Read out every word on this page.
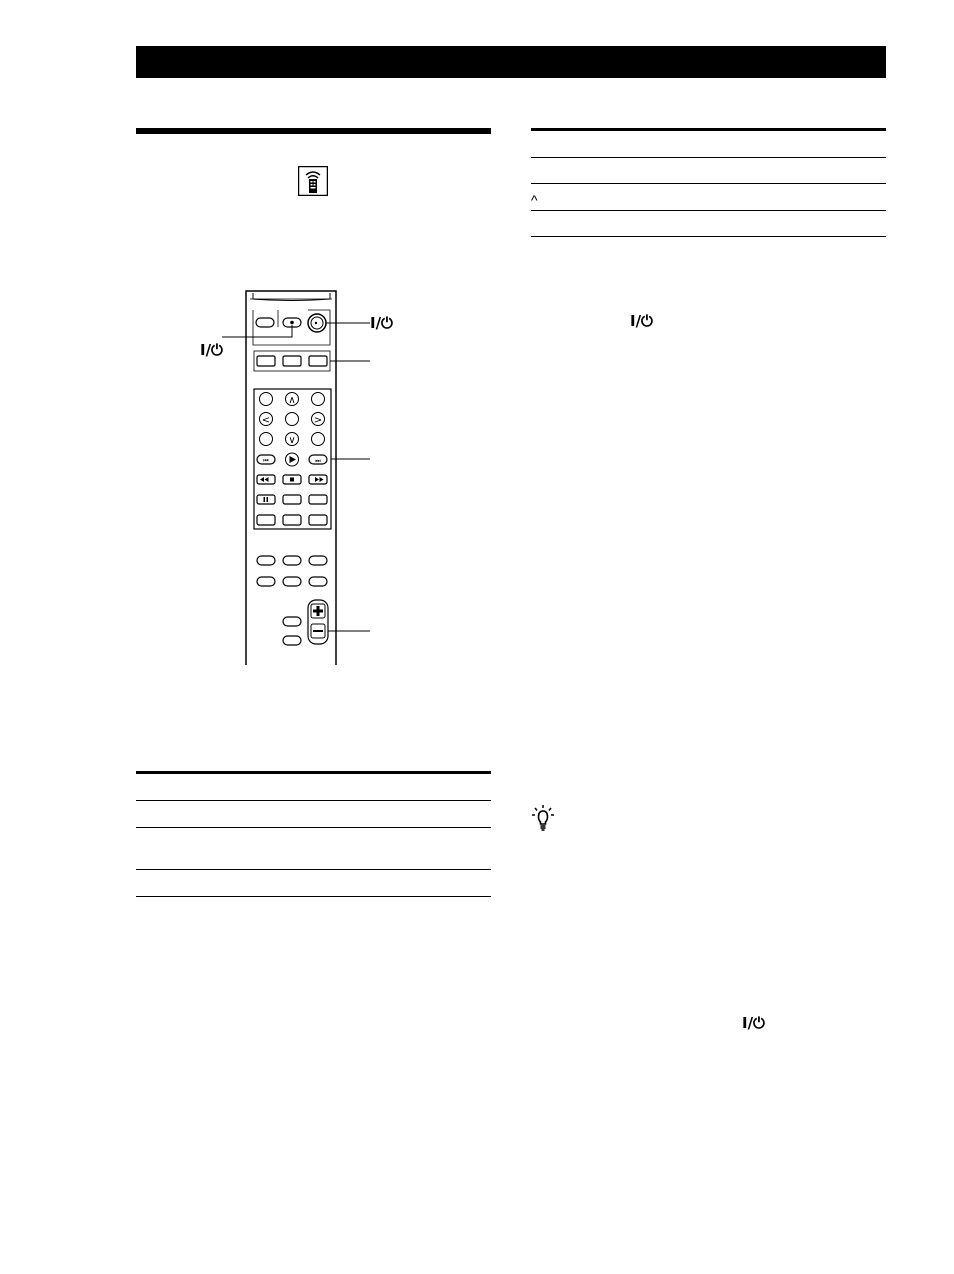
∧
<	>
∨
⏮	⏭
I/⏻
I/⏻
^
I/⏻
I/⏻
